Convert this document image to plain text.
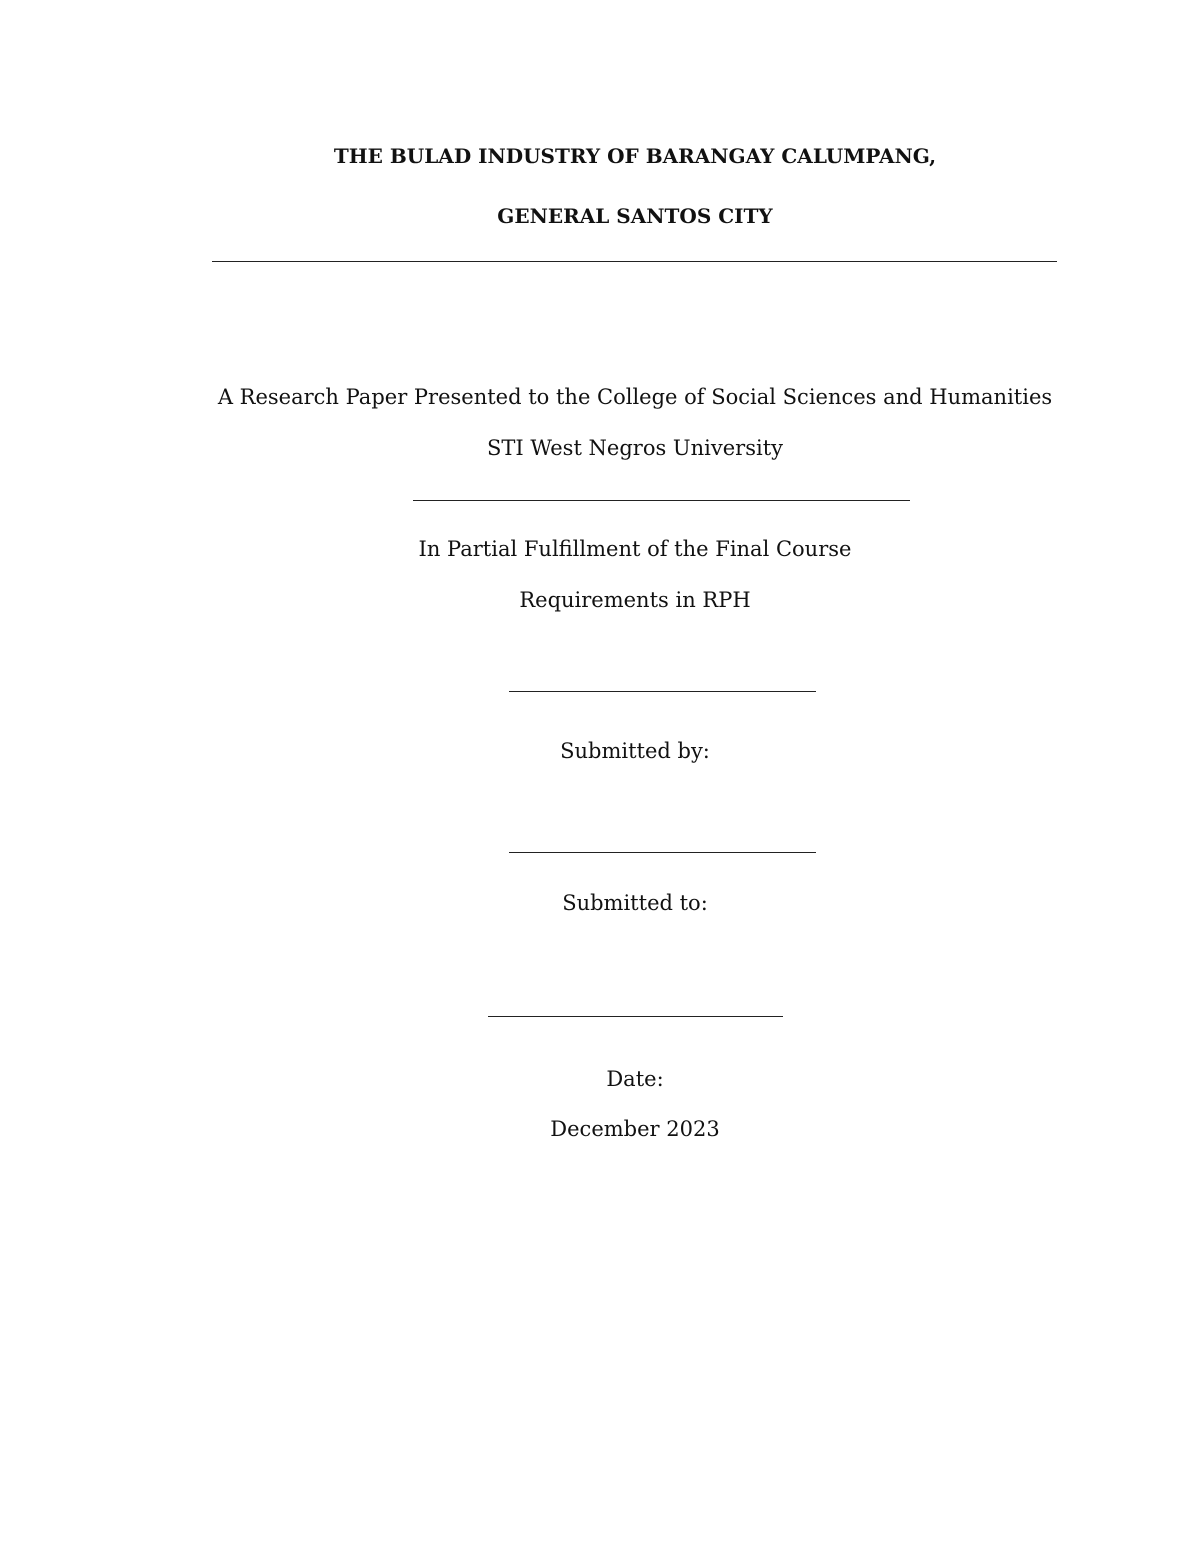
THE BULAD INDUSTRY OF BARANGAY CALUMPANG,
GENERAL SANTOS CITY
A Research Paper Presented to the College of Social Sciences and Humanities
STI West Negros University
In Partial Fulfillment of the Final Course
Requirements in RPH
Submitted by:
Submitted to:
Date:
December 2023
